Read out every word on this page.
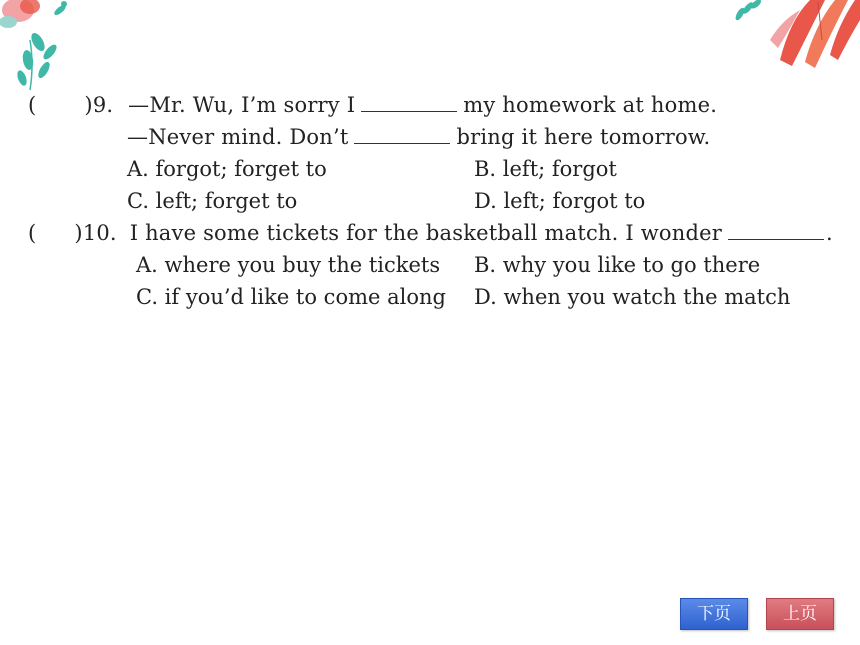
( )9. —Mr. Wu, I’m sorry I	my homework at home.
—Never mind. Don’t	bring it here tomorrow.
A. forgot; forget to	B. left; forgot
C. left; forget to	D. left; forgot to
( )10. I have some tickets for the basketball match. I wonder	.
A. where you buy the tickets B. why you like to go there
C. if you’d like to come along D. when you watch the match
下页	上页
